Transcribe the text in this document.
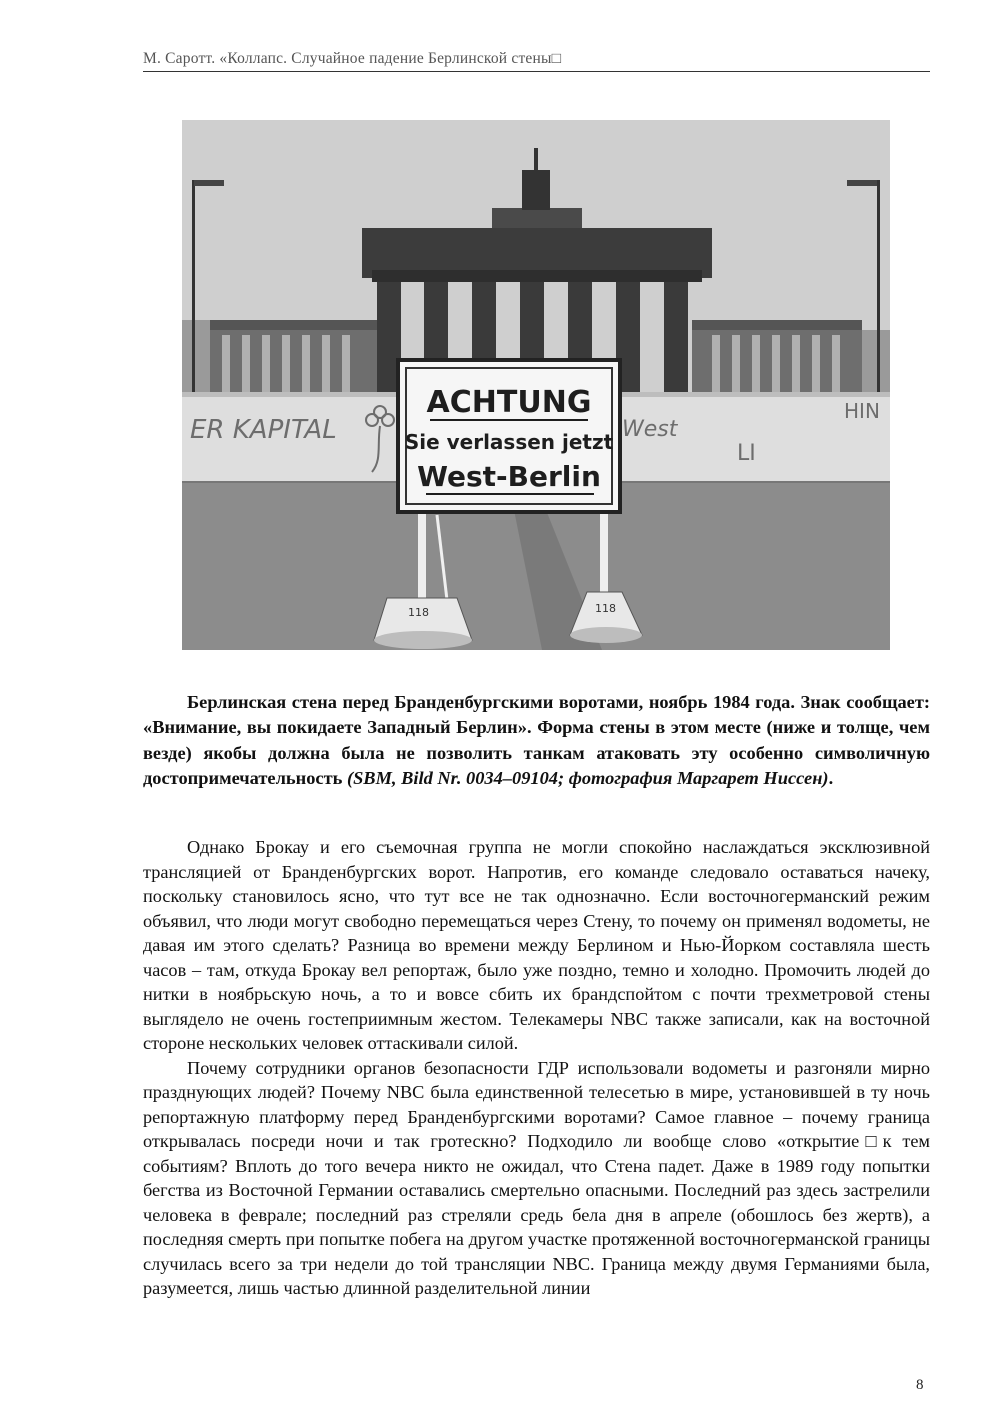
М. Саротт. «Коллапс. Случайное падение Берлинской стены□
ER KAPITAL	West
LI
HIN
ACHTUNG
Sie verlassen jetzt
West-Berlin
118	118
Берлинская стена перед Бранденбургскими воротами, ноябрь 1984 года. Знак сообщает: «Внимание, вы покидаете Западный Берлин». Форма стены в этом месте (ниже и толще, чем везде) якобы должна была не позволить танкам атаковать эту особенно символичную достопримечательность (SBM, Bild Nr. 0034–09104; фотография Маргарет Ниссен).

Однако Брокау и его съемочная группа не могли спокойно наслаждаться эксклюзивной трансляцией от Бранденбургских ворот. Напротив, его команде следовало оставаться начеку, поскольку становилось ясно, что тут все не так однозначно. Если восточногерманский режим объявил, что люди могут свободно перемещаться через Стену, то почему он применял водометы, не давая им этого сделать? Разница во времени между Берлином и Нью-Йорком составляла шесть часов – там, откуда Брокау вел репортаж, было уже поздно, темно и холодно. Промочить людей до нитки в ноябрьскую ночь, а то и вовсе сбить их брандспойтом с почти трехметровой стены выглядело не очень гостеприимным жестом. Телекамеры NBC также записали, как на восточной стороне нескольких человек оттаскивали силой.

Почему сотрудники органов безопасности ГДР использовали водометы и разгоняли мирно празднующих людей? Почему NBC была единственной телесетью в мире, установившей в ту ночь репортажную платформу перед Бранденбургскими воротами? Самое главное – почему граница открывалась посреди ночи и так гротескно? Подходило ли вообще слово «открытие□к тем событиям? Вплоть до того вечера никто не ожидал, что Стена падет. Даже в 1989 году попытки бегства из Восточной Германии оставались смертельно опасными. Последний раз здесь застрелили человека в феврале; последний раз стреляли средь бела дня в апреле (обошлось без жертв), а последняя смерть при попытке побега на другом участке протяженной восточногерманской границы случилась всего за три недели до той трансляции NBC. Граница между двумя Германиями была, разумеется, лишь частью длинной разделительной линии

8
